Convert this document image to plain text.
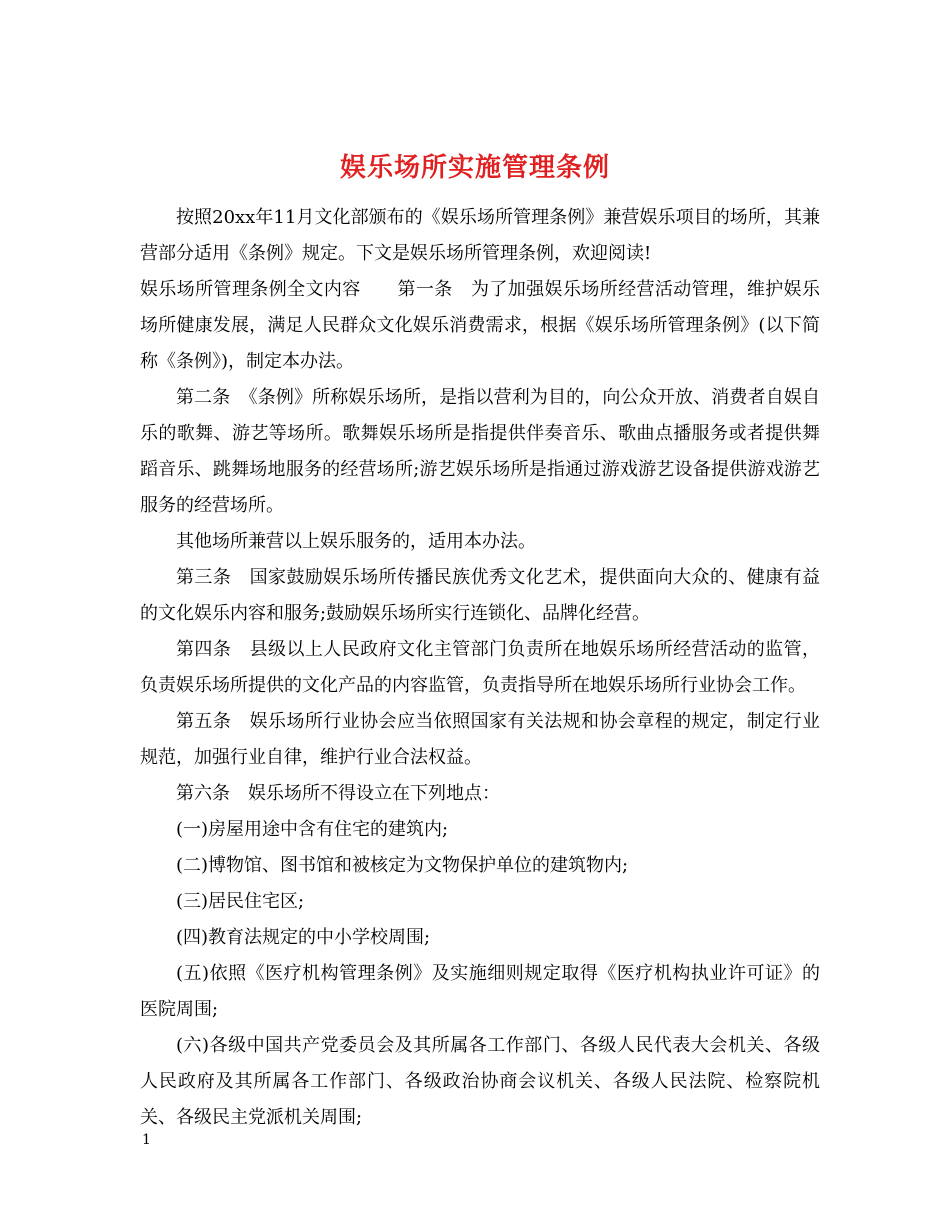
娱乐场所实施管理条例

按照20xx年11月文化部颁布的《娱乐场所管理条例》兼营娱乐项目的场所，其兼营部分适用《条例》规定。下文是娱乐场所管理条例，欢迎阅读!

娱乐场所管理条例全文内容　　第一条　为了加强娱乐场所经营活动管理，维护娱乐场所健康发展，满足人民群众文化娱乐消费需求，根据《娱乐场所管理条例》(以下简称《条例》)，制定本办法。

第二条　《条例》所称娱乐场所，是指以营利为目的，向公众开放、消费者自娱自乐的歌舞、游艺等场所。歌舞娱乐场所是指提供伴奏音乐、歌曲点播服务或者提供舞蹈音乐、跳舞场地服务的经营场所;游艺娱乐场所是指通过游戏游艺设备提供游戏游艺服务的经营场所。

其他场所兼营以上娱乐服务的，适用本办法。

第三条　国家鼓励娱乐场所传播民族优秀文化艺术，提供面向大众的、健康有益的文化娱乐内容和服务;鼓励娱乐场所实行连锁化、品牌化经营。

第四条　县级以上人民政府文化主管部门负责所在地娱乐场所经营活动的监管，负责娱乐场所提供的文化产品的内容监管，负责指导所在地娱乐场所行业协会工作。

第五条　娱乐场所行业协会应当依照国家有关法规和协会章程的规定，制定行业规范，加强行业自律，维护行业合法权益。

第六条　娱乐场所不得设立在下列地点：

(一)房屋用途中含有住宅的建筑内;

(二)博物馆、图书馆和被核定为文物保护单位的建筑物内;

(三)居民住宅区;

(四)教育法规定的中小学校周围;

(五)依照《医疗机构管理条例》及实施细则规定取得《医疗机构执业许可证》的医院周围;

(六)各级中国共产党委员会及其所属各工作部门、各级人民代表大会机关、各级人民政府及其所属各工作部门、各级政治协商会议机关、各级人民法院、检察院机关、各级民主党派机关周围;

1
